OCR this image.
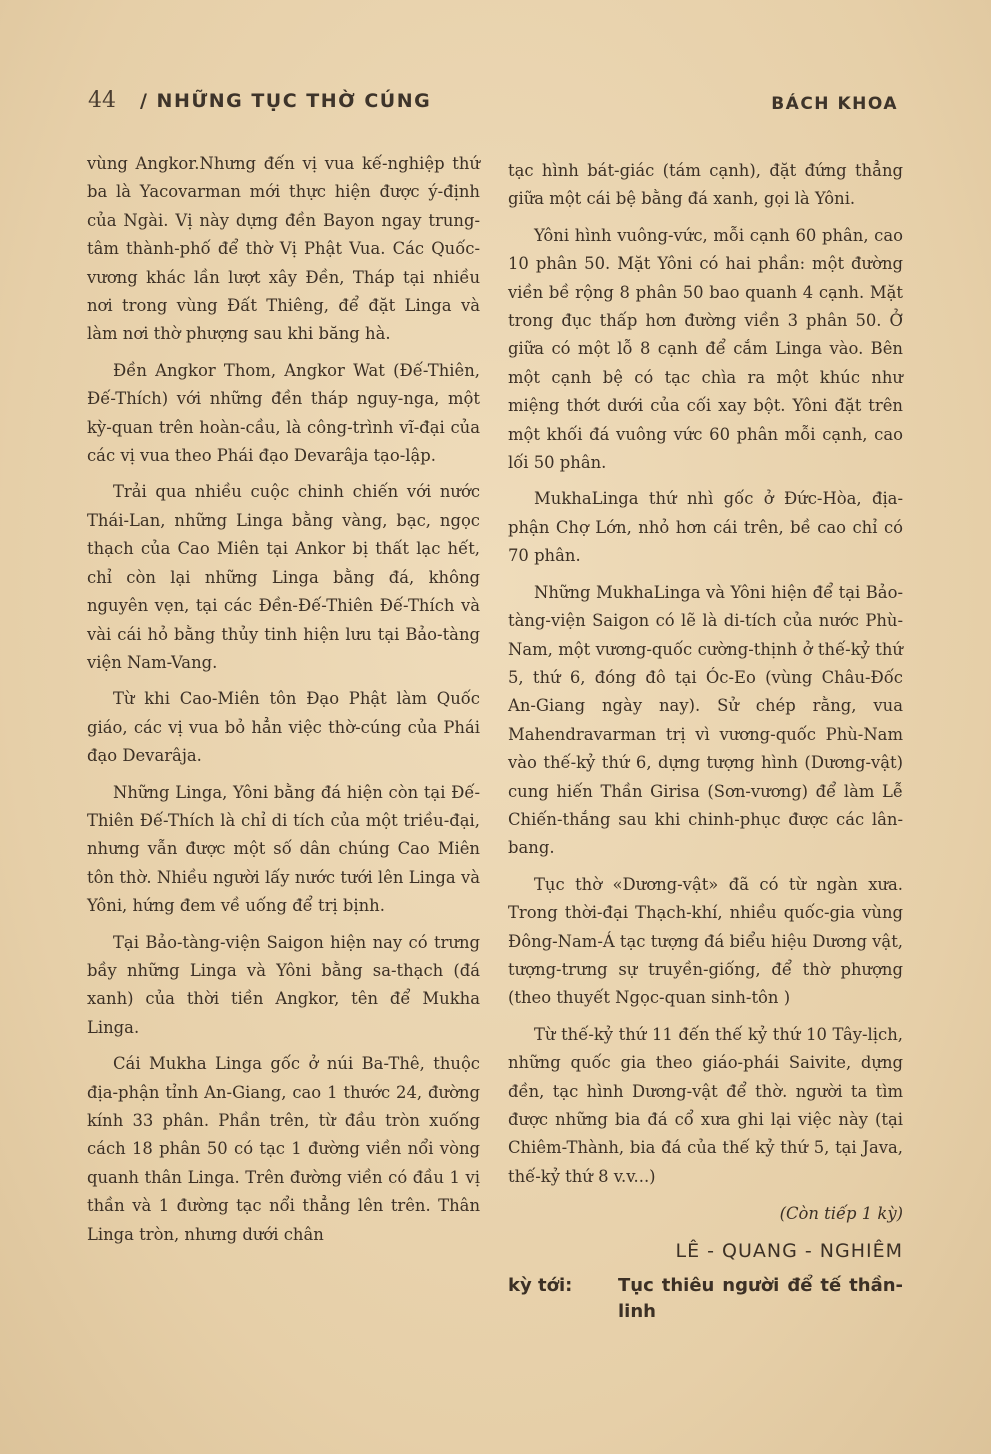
44 / NHỮNG TỤC THỜ CÚNG	BÁCH KHOA

vùng Angkor.Nhưng đến vị vua kế-nghiệp thứ ba là Yacovarman mới thực hiện được ý-định của Ngài. Vị này dựng đền Bayon ngay trung-tâm thành-phố để thờ Vị Phật Vua. Các Quốc-vương khác lần lượt xây Đền, Tháp tại nhiều nơi trong vùng Đất Thiêng, để đặt Linga và làm nơi thờ phượng sau khi băng hà.

Đền Angkor Thom, Angkor Wat (Đế-Thiên, Đế-Thích) với những đền tháp nguy-nga, một kỳ-quan trên hoàn-cầu, là công-trình vĩ-đại của các vị vua theo Phái đạo Devarâja tạo-lập.

Trải qua nhiều cuộc chinh chiến với nước Thái-Lan, những Linga bằng vàng, bạc, ngọc thạch của Cao Miên tại Ankor bị thất lạc hết, chỉ còn lại những Linga bằng đá, không nguyên vẹn, tại các Đền-Đế-Thiên Đế-Thích và vài cái hỏ bằng thủy tinh hiện lưu tại Bảo-tàng viện Nam-Vang.

Từ khi Cao-Miên tôn Đạo Phật làm Quốc giáo, các vị vua bỏ hẳn việc thờ-cúng của Phái đạo Devarâja.

Những Linga, Yôni bằng đá hiện còn tại Đế-Thiên Đế-Thích là chỉ di tích của một triều-đại, nhưng vẫn được một số dân chúng Cao Miên tôn thờ. Nhiều người lấy nước tưới lên Linga và Yôni, hứng đem về uống để trị bịnh.

Tại Bảo-tàng-viện Saigon hiện nay có trưng bầy những Linga và Yôni bằng sa-thạch (đá xanh) của thời tiền Angkor, tên để Mukha Linga.

Cái Mukha Linga gốc ở núi Ba-Thê, thuộc địa-phận tỉnh An-Giang, cao 1 thước 24, đường kính 33 phân. Phần trên, từ đầu tròn xuống cách 18 phân 50 có tạc 1 đường viền nổi vòng quanh thân Linga. Trên đường viền có đầu 1 vị thần và 1 đường tạc nổi thẳng lên trên. Thân Linga tròn, nhưng dưới chân

tạc hình bát-giác (tám cạnh), đặt đứng thẳng giữa một cái bệ bằng đá xanh, gọi là Yôni.

Yôni hình vuông-vức, mỗi cạnh 60 phân, cao 10 phân 50. Mặt Yôni có hai phần: một đường viền bề rộng 8 phân 50 bao quanh 4 cạnh. Mặt trong đục thấp hơn đường viền 3 phân 50. Ở giữa có một lỗ 8 cạnh để cắm Linga vào. Bên một cạnh bệ có tạc chìa ra một khúc như miệng thớt dưới của cối xay bột. Yôni đặt trên một khối đá vuông vức 60 phân mỗi cạnh, cao lối 50 phân.

MukhaLinga thứ nhì gốc ở Đức-Hòa, địa-phận Chợ Lớn, nhỏ hơn cái trên, bề cao chỉ có 70 phân.

Những MukhaLinga và Yôni hiện để tại Bảo-tàng-viện Saigon có lẽ là di-tích của nước Phù-Nam, một vương-quốc cường-thịnh ở thế-kỷ thứ 5, thứ 6, đóng đô tại Óc-Eo (vùng Châu-Đốc An-Giang ngày nay). Sử chép rằng, vua Mahendravarman trị vì vương-quốc Phù-Nam vào thế-kỷ thứ 6, dựng tượng hình (Dương-vật) cung hiến Thần Girisa (Sơn-vương) để làm Lễ Chiến-thắng sau khi chinh-phục được các lân-bang.

Tục thờ «Dương-vật» đã có từ ngàn xưa. Trong thời-đại Thạch-khí, nhiều quốc-gia vùng Đông-Nam-Á tạc tượng đá biểu hiệu Dương vật, tượng-trưng sự truyền-giống, để thờ phượng (theo thuyết Ngọc-quan sinh-tôn )

Từ thế-kỷ thứ 11 đến thế kỷ thứ 10 Tây-lịch, những quốc gia theo giáo-phái Saivite, dựng đền, tạc hình Dương-vật để thờ. người ta tìm được những bia đá cổ xưa ghi lại việc này (tại Chiêm-Thành, bia đá của thế kỷ thứ 5, tại Java, thế-kỷ thứ 8 v.v...)

(Còn tiếp 1 kỳ)

LÊ - QUANG - NGHIÊM

kỳ tới:	Tục thiêu người để tế thần-linh
